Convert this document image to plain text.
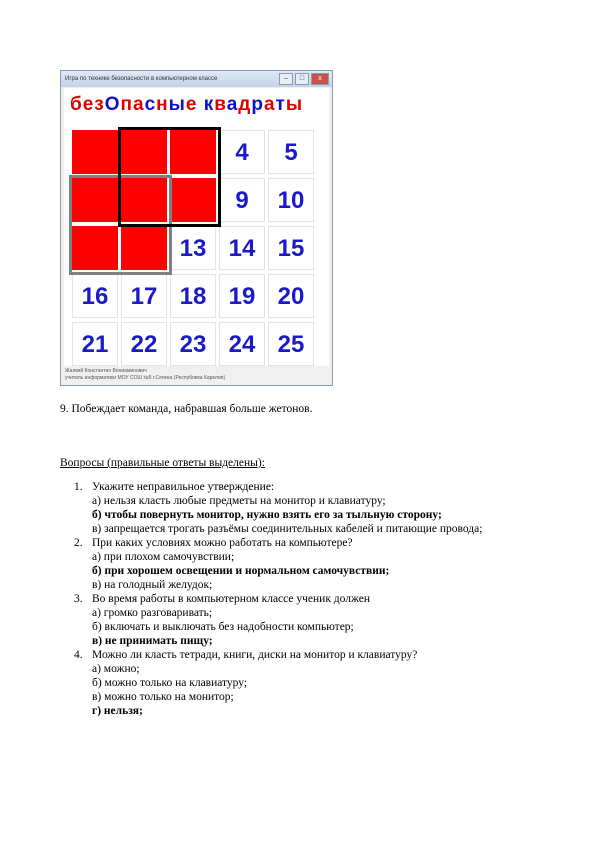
Игра по технике безопасности в компьютерном классе	–	□	x
безОпасные квадраты
4	5
9	10
13 14 15
16 17 18 19 20
21 22 23 24 25
Жалкий Константин Вениаминович
учитель информатики МОУ СОШ №5 г.Сегежа (Республика Карелия)
9. Побеждает команда, набравшая больше жетонов.
Вопросы (правильные ответы выделены):
1. Укажите неправильное утверждение:
а) нельзя класть любые предметы на монитор и клавиатуру;
б) чтобы повернуть монитор, нужно взять его за тыльную сторону;
в) запрещается трогать разъёмы соединительных кабелей и питающие провода;
2. При каких условиях можно работать на компьютере?
а) при плохом самочувствии;
б) при хорошем освещении и нормальном самочувствии;
в) на голодный желудок;
3. Во время работы в компьютерном классе ученик должен
а) громко разговаривать;
б) включать и выключать без надобности компьютер;
в) не принимать пищу;
4. Можно ли класть тетради, книги, диски на монитор и клавиатуру?
а) можно;
б) можно только на клавиатуру;
в) можно только на монитор;
г) нельзя;
